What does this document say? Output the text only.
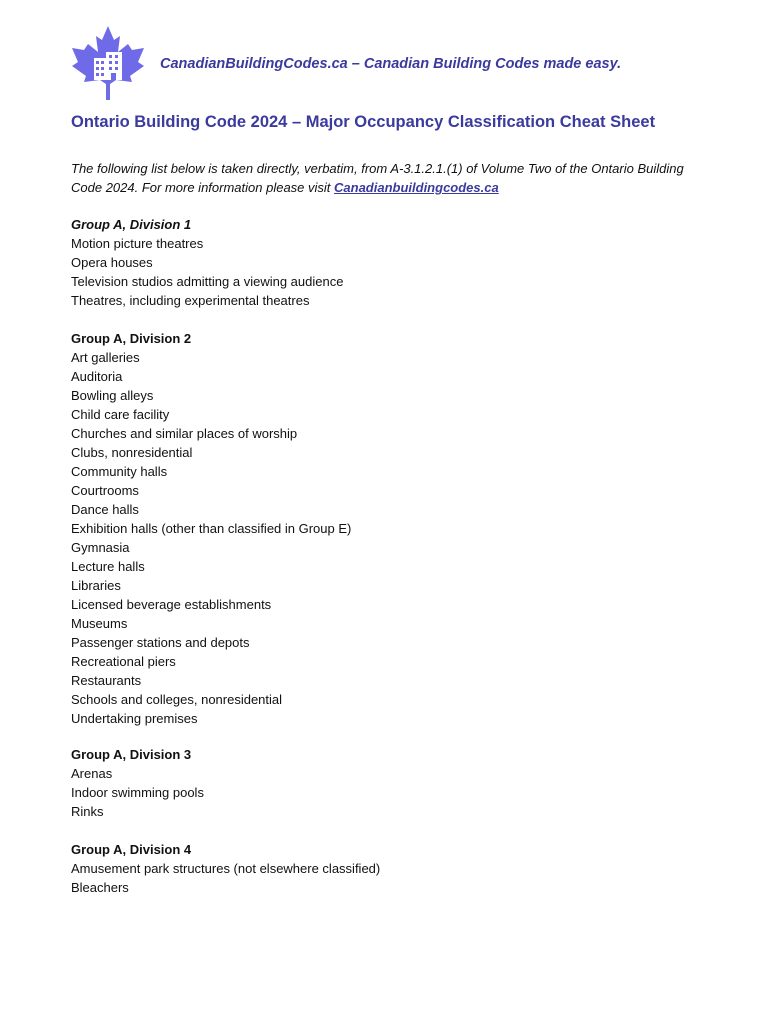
CanadianBuildingCodes.ca – Canadian Building Codes made easy.
Ontario Building Code 2024 – Major Occupancy Classification Cheat Sheet
The following list below is taken directly, verbatim, from A-3.1.2.1.(1) of Volume Two of the Ontario Building Code 2024. For more information please visit Canadianbuildingcodes.ca
Group A, Division 1
Motion picture theatres
Opera houses
Television studios admitting a viewing audience
Theatres, including experimental theatres
Group A, Division 2
Art galleries
Auditoria
Bowling alleys
Child care facility
Churches and similar places of worship
Clubs, nonresidential
Community halls
Courtrooms
Dance halls
Exhibition halls (other than classified in Group E)
Gymnasia
Lecture halls
Libraries
Licensed beverage establishments
Museums
Passenger stations and depots
Recreational piers
Restaurants
Schools and colleges, nonresidential
Undertaking premises
Group A, Division 3
Arenas
Indoor swimming pools
Rinks
Group A, Division 4
Amusement park structures (not elsewhere classified)
Bleachers
